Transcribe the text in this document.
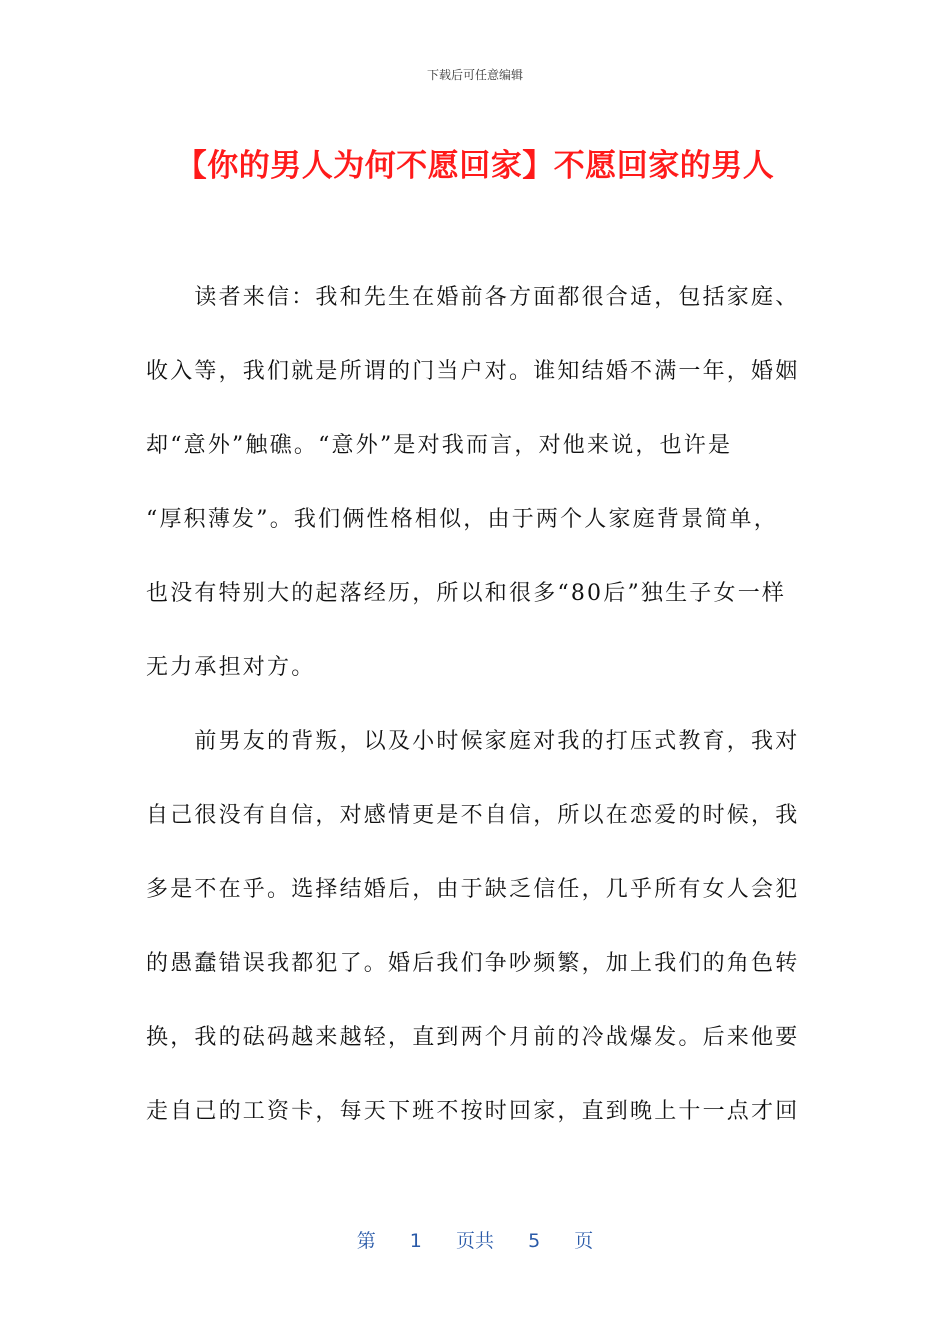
下载后可任意编辑
【你的男人为何不愿回家】不愿回家的男人
　　读者来信：我和先生在婚前各方面都很合适，包括家庭、
收入等，我们就是所谓的门当户对。谁知结婚不满一年，婚姻
却“意外”触礁。“意外”是对我而言，对他来说，也许是
“厚积薄发”。我们俩性格相似，由于两个人家庭背景简单，
也没有特别大的起落经历，所以和很多“80后”独生子女一样
无力承担对方。
　　前男友的背叛，以及小时候家庭对我的打压式教育，我对
自己很没有自信，对感情更是不自信，所以在恋爱的时候，我
多是不在乎。选择结婚后，由于缺乏信任，几乎所有女人会犯
的愚蠢错误我都犯了。婚后我们争吵频繁，加上我们的角色转
换，我的砝码越来越轻，直到两个月前的冷战爆发。后来他要
走自己的工资卡，每天下班不按时回家，直到晚上十一点才回
第 1 页共 5 页
